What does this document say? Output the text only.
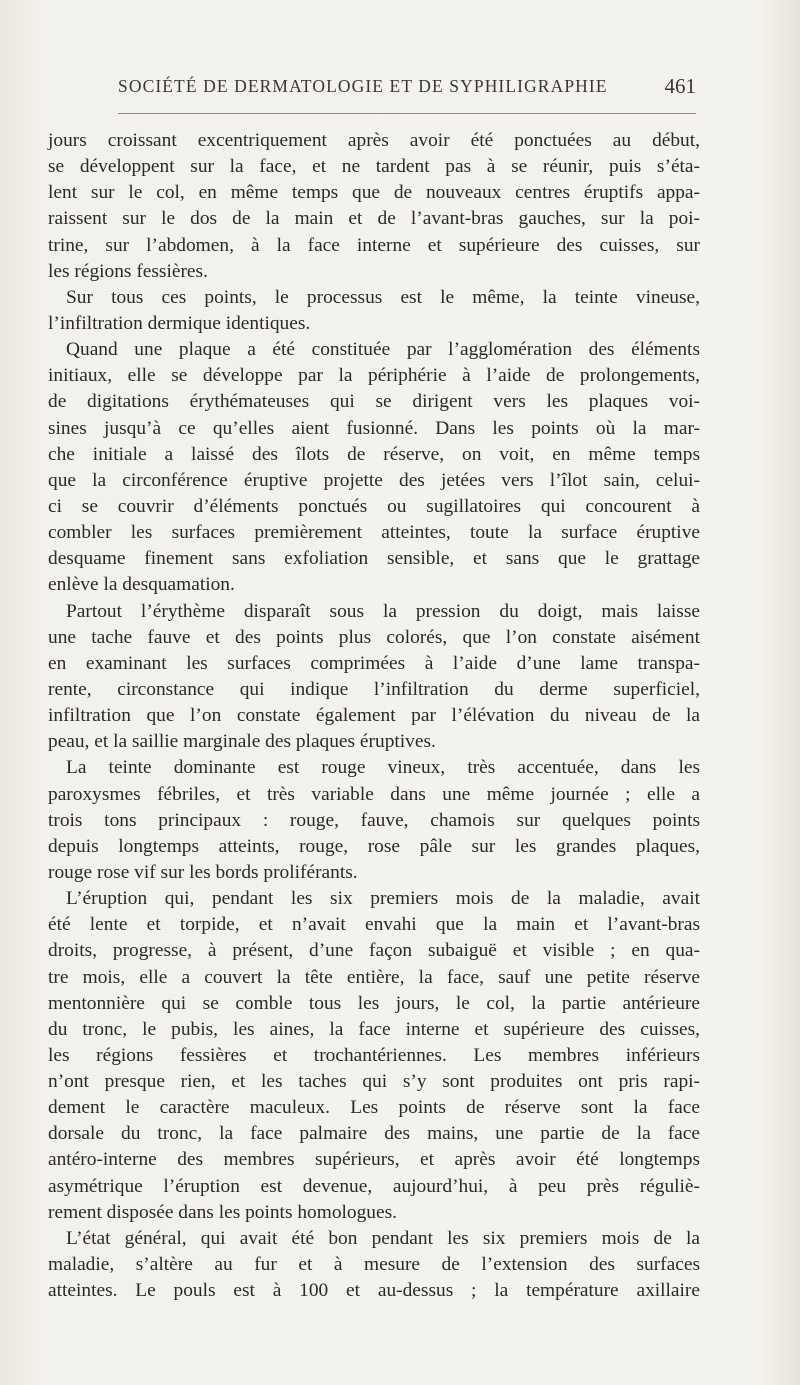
SOCIÉTÉ DE DERMATOLOGIE ET DE SYPHILIGRAPHIE	461
jours croissant excentriquement après avoir été ponctuées au début,
se développent sur la face, et ne tardent pas à se réunir, puis s’éta-
lent sur le col, en même temps que de nouveaux centres éruptifs appa-
raissent sur le dos de la main et de l’avant-bras gauches, sur la poi-
trine, sur l’abdomen, à la face interne et supérieure des cuisses, sur
les régions fessières.
Sur tous ces points, le processus est le même, la teinte vineuse,
l’infiltration dermique identiques.
Quand une plaque a été constituée par l’agglomération des éléments
initiaux, elle se développe par la périphérie à l’aide de prolongements,
de digitations érythémateuses qui se dirigent vers les plaques voi-
sines jusqu’à ce qu’elles aient fusionné. Dans les points où la mar-
che initiale a laissé des îlots de réserve, on voit, en même temps
que la circonférence éruptive projette des jetées vers l’îlot sain, celui-
ci se couvrir d’éléments ponctués ou sugillatoires qui concourent à
combler les surfaces premièrement atteintes, toute la surface éruptive
desquame finement sans exfoliation sensible, et sans que le grattage
enlève la desquamation.
Partout l’érythème disparaît sous la pression du doigt, mais laisse
une tache fauve et des points plus colorés, que l’on constate aisément
en examinant les surfaces comprimées à l’aide d’une lame transpa-
rente, circonstance qui indique l’infiltration du derme superficiel,
infiltration que l’on constate également par l’élévation du niveau de la
peau, et la saillie marginale des plaques éruptives.
La teinte dominante est rouge vineux, très accentuée, dans les
paroxysmes fébriles, et très variable dans une même journée ; elle a
trois tons principaux : rouge, fauve, chamois sur quelques points
depuis longtemps atteints, rouge, rose pâle sur les grandes plaques,
rouge rose vif sur les bords proliférants.
L’éruption qui, pendant les six premiers mois de la maladie, avait
été lente et torpide, et n’avait envahi que la main et l’avant-bras
droits, progresse, à présent, d’une façon subaiguë et visible ; en qua-
tre mois, elle a couvert la tête entière, la face, sauf une petite réserve
mentonnière qui se comble tous les jours, le col, la partie antérieure
du tronc, le pubis, les aines, la face interne et supérieure des cuisses,
les régions fessières et trochantériennes. Les membres inférieurs
n’ont presque rien, et les taches qui s’y sont produites ont pris rapi-
dement le caractère maculeux. Les points de réserve sont la face
dorsale du tronc, la face palmaire des mains, une partie de la face
antéro-interne des membres supérieurs, et après avoir été longtemps
asymétrique l’éruption est devenue, aujourd’hui, à peu près réguliè-
rement disposée dans les points homologues.
L’état général, qui avait été bon pendant les six premiers mois de la
maladie, s’altère au fur et à mesure de l’extension des surfaces
atteintes. Le pouls est à 100 et au-dessus ; la température axillaire
